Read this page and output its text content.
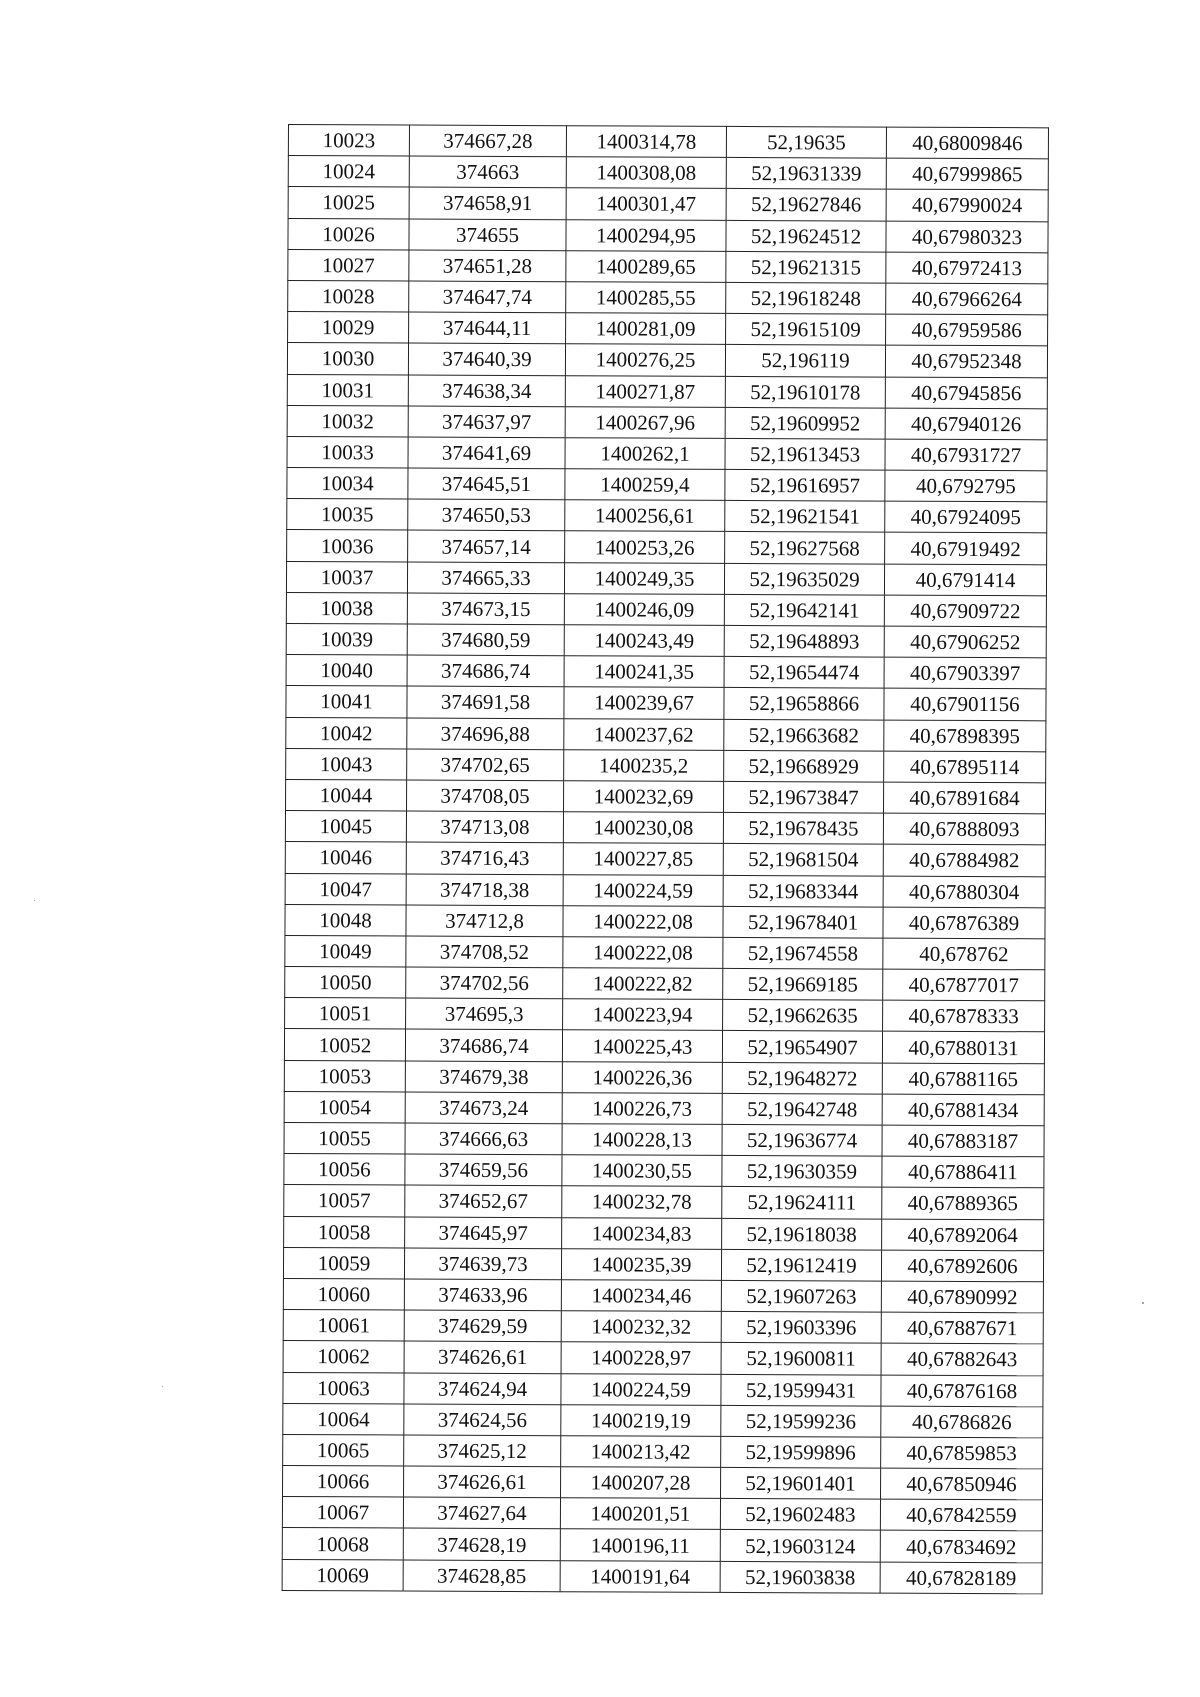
10023	374667,28	1400314,78	52,19635	40,68009846
10024	374663	1400308,08	52,19631339	40,67999865
10025	374658,91	1400301,47	52,19627846	40,67990024
10026	374655	1400294,95	52,19624512	40,67980323
10027	374651,28	1400289,65	52,19621315	40,67972413
10028	374647,74	1400285,55	52,19618248	40,67966264
10029	374644,11	1400281,09	52,19615109	40,67959586
10030	374640,39	1400276,25	52,196119	40,67952348
10031	374638,34	1400271,87	52,19610178	40,67945856
10032	374637,97	1400267,96	52,19609952	40,67940126
10033	374641,69	1400262,1	52,19613453	40,67931727
10034	374645,51	1400259,4	52,19616957	40,6792795
10035	374650,53	1400256,61	52,19621541	40,67924095
10036	374657,14	1400253,26	52,19627568	40,67919492
10037	374665,33	1400249,35	52,19635029	40,6791414
10038	374673,15	1400246,09	52,19642141	40,67909722
10039	374680,59	1400243,49	52,19648893	40,67906252
10040	374686,74	1400241,35	52,19654474	40,67903397
10041	374691,58	1400239,67	52,19658866	40,67901156
10042	374696,88	1400237,62	52,19663682	40,67898395
10043	374702,65	1400235,2	52,19668929	40,67895114
10044	374708,05	1400232,69	52,19673847	40,67891684
10045	374713,08	1400230,08	52,19678435	40,67888093
10046	374716,43	1400227,85	52,19681504	40,67884982
10047	374718,38	1400224,59	52,19683344	40,67880304
10048	374712,8	1400222,08	52,19678401	40,67876389
10049	374708,52	1400222,08	52,19674558	40,678762
10050	374702,56	1400222,82	52,19669185	40,67877017
10051	374695,3	1400223,94	52,19662635	40,67878333
10052	374686,74	1400225,43	52,19654907	40,67880131
10053	374679,38	1400226,36	52,19648272	40,67881165
10054	374673,24	1400226,73	52,19642748	40,67881434
10055	374666,63	1400228,13	52,19636774	40,67883187
10056	374659,56	1400230,55	52,19630359	40,67886411
10057	374652,67	1400232,78	52,19624111	40,67889365
10058	374645,97	1400234,83	52,19618038	40,67892064
10059	374639,73	1400235,39	52,19612419	40,67892606
10060	374633,96	1400234,46	52,19607263	40,67890992
10061	374629,59	1400232,32	52,19603396	40,67887671
10062	374626,61	1400228,97	52,19600811	40,67882643
10063	374624,94	1400224,59	52,19599431	40,67876168
10064	374624,56	1400219,19	52,19599236	40,6786826
10065	374625,12	1400213,42	52,19599896	40,67859853
10066	374626,61	1400207,28	52,19601401	40,67850946
10067	374627,64	1400201,51	52,19602483	40,67842559
10068	374628,19	1400196,11	52,19603124	40,67834692
10069	374628,85	1400191,64	52,19603838	40,67828189
